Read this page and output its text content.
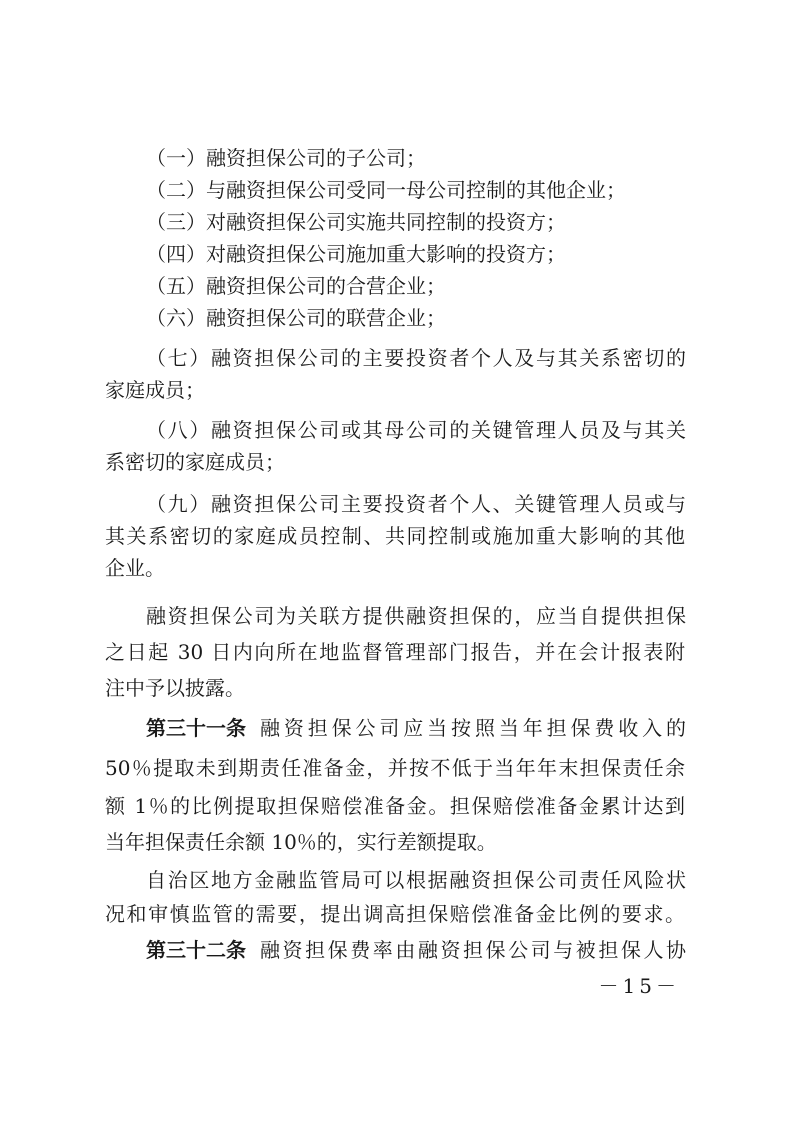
（一）融资担保公司的子公司；
（二）与融资担保公司受同一母公司控制的其他企业；
（三）对融资担保公司实施共同控制的投资方；
（四）对融资担保公司施加重大影响的投资方；
（五）融资担保公司的合营企业；
（六）融资担保公司的联营企业；
（七）融资担保公司的主要投资者个人及与其关系密切的
家庭成员；
（八）融资担保公司或其母公司的关键管理人员及与其关
系密切的家庭成员；
（九）融资担保公司主要投资者个人、关键管理人员或与
其关系密切的家庭成员控制、共同控制或施加重大影响的其他
企业。
融资担保公司为关联方提供融资担保的，应当自提供担保
之日起 30 日内向所在地监督管理部门报告，并在会计报表附
注中予以披露。
第三十一条 融资担保公司应当按照当年担保费收入的
50％提取未到期责任准备金，并按不低于当年年末担保责任余
额 1％的比例提取担保赔偿准备金。担保赔偿准备金累计达到
当年担保责任余额 10％的，实行差额提取。
自治区地方金融监管局可以根据融资担保公司责任风险状
况和审慎监管的需要，提出调高担保赔偿准备金比例的要求。
第三十二条 融资担保费率由融资担保公司与被担保人协
－15－
